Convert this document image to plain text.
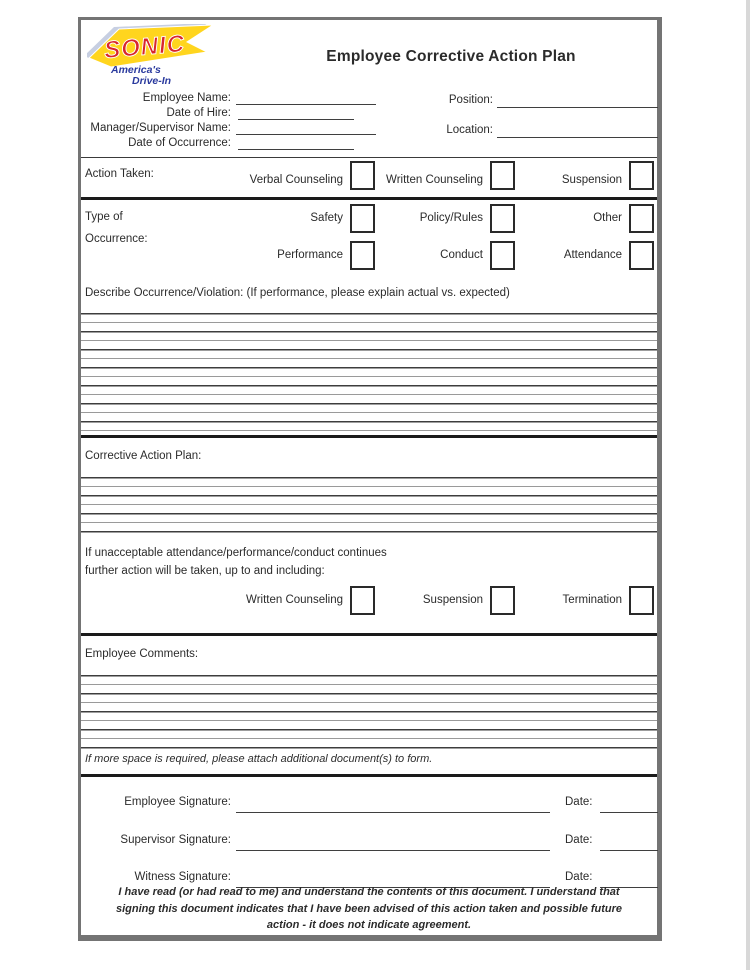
SONIC
America's
Drive-In
Employee Corrective Action Plan
Employee Name:
Date of Hire:
Manager/Supervisor Name:
Date of Occurrence:
Position:
Location:
Action Taken:	Verbal Counseling	Written Counseling	Suspension
Type of
Occurrence:
Safety	Policy/Rules	Other
Performance	Conduct	Attendance
Describe Occurrence/Violation: (If performance, please explain actual vs. expected)
Corrective Action Plan:
If unacceptable attendance/performance/conduct continues
further action will be taken, up to and including:
Written Counseling	Suspension	Termination
Employee Comments:
If more space is required, please attach additional document(s) to form.
Employee Signature:	Date:
Supervisor Signature:	Date:
Witness Signature:	Date:
I have read (or had read to me) and understand the contents of this document. I understand that signing this document indicates that I have been advised of this action taken and possible future action - it does not indicate agreement.
